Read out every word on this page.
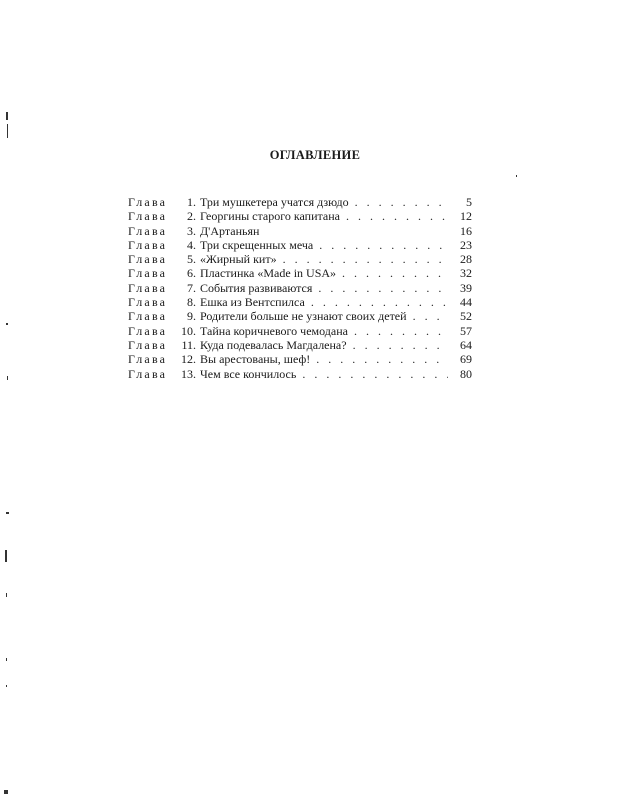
ОГЛАВЛЕНИЕ
Глава	1. Три мушкетера учатся дзюдо . . .	5
Глава	2. Георгины старого капитана . . .	12
Глава	3. Д'Артаньян	16
Глава	4. Три скрещенных меча . . .	23
Глава	5. «Жирный кит» . . .	28
Глава	6. Пластинка «Made in USA» . . .	32
Глава	7. События развиваются . . .	39
Глава	8. Ешка из Вентспилса . . .	44
Глава	9. Родители больше не узнают своих детей . . .	52
Глава	10. Тайна коричневого чемодана . . .	57
Глава	11. Куда подевалась Магдалена? . . .	64
Глава	12. Вы арестованы, шеф! . . .	69
Глава	13. Чем все кончилось . . .	80
